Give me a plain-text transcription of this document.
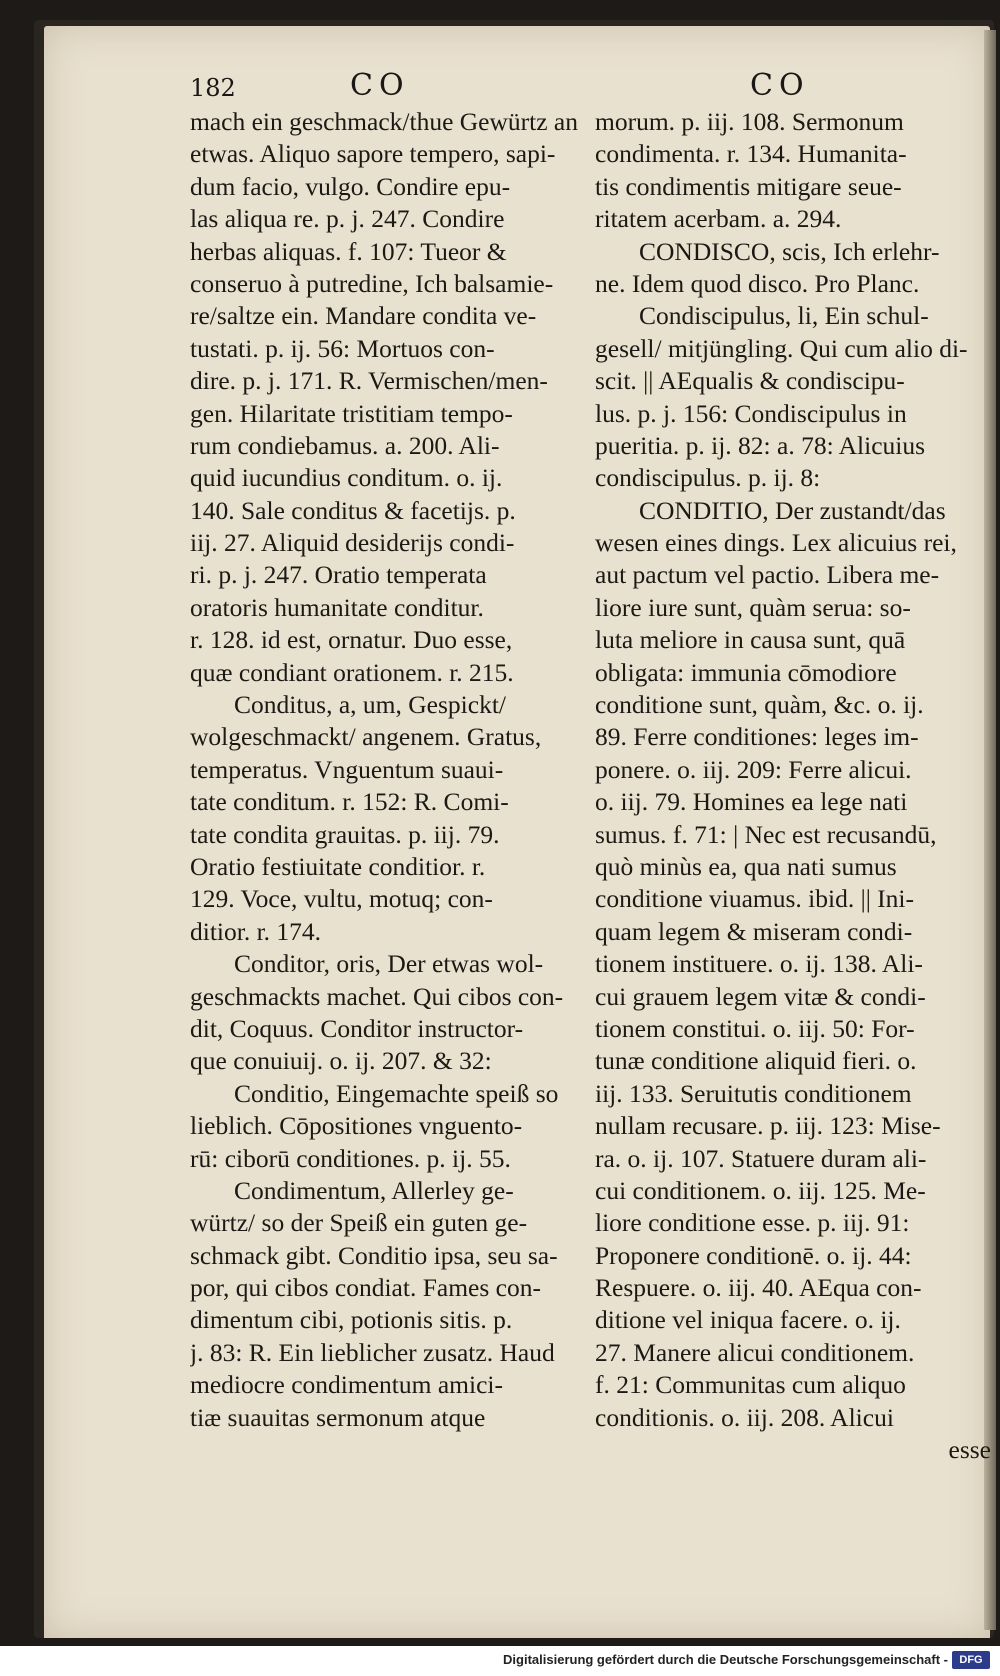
182	CO	CO
mach ein geschmack/thue Gewürtz an
etwas. Aliquo sapore tempero, sapi-
dum facio, vulgo. Condire epu-
las aliqua re. p. j. 247. Condire
herbas aliquas. f. 107: Tueor &
conseruo à putredine, Ich balsamie-
re/saltze ein. Mandare condita ve-
tustati. p. ij. 56: Mortuos con-
dire. p. j. 171. R. Vermischen/men-
gen. Hilaritate tristitiam tempo-
rum condiebamus. a. 200. Ali-
quid iucundius conditum. o. ij.
140. Sale conditus & facetijs. p.
iij. 27. Aliquid desiderijs condi-
ri. p. j. 247. Oratio temperata
oratoris humanitate conditur.
r. 128. id est, ornatur. Duo esse,
quæ condiant orationem. r. 215.
Conditus, a, um, Gespickt/
wolgeschmackt/ angenem. Gratus,
temperatus. Vnguentum suaui-
tate conditum. r. 152: R. Comi-
tate condita grauitas. p. iij. 79.
Oratio festiuitate conditior. r.
129. Voce, vultu, motuq; con-
ditior. r. 174.
Conditor, oris, Der etwas wol-
geschmackts machet. Qui cibos con-
dit, Coquus. Conditor instructor-
que conuiuij. o. ij. 207. & 32:
Conditio, Eingemachte speiß so
lieblich. Cōpositiones vnguento-
rū: ciborū conditiones. p. ij. 55.
Condimentum, Allerley ge-
würtz/ so der Speiß ein guten ge-
schmack gibt. Conditio ipsa, seu sa-
por, qui cibos condiat. Fames con-
dimentum cibi, potionis sitis. p.
j. 83: R. Ein lieblicher zusatz. Haud
mediocre condimentum amici-
tiæ suauitas sermonum atque
morum. p. iij. 108. Sermonum
condimenta. r. 134. Humanita-
tis condimentis mitigare seue-
ritatem acerbam. a. 294.
CONDISCO, scis, Ich erlehr-
ne. Idem quod disco. Pro Planc.
Condiscipulus, li, Ein schul-
gesell/ mitjüngling. Qui cum alio di-
scit. || AEqualis & condiscipu-
lus. p. j. 156: Condiscipulus in
pueritia. p. ij. 82: a. 78: Alicuius
condiscipulus. p. ij. 8:
CONDITIO, Der zustandt/das
wesen eines dings. Lex alicuius rei,
aut pactum vel pactio. Libera me-
liore iure sunt, quàm serua: so-
luta meliore in causa sunt, quā
obligata: immunia cōmodiore
conditione sunt, quàm, &c. o. ij.
89. Ferre conditiones: leges im-
ponere. o. iij. 209: Ferre alicui.
o. iij. 79. Homines ea lege nati
sumus. f. 71: | Nec est recusandū,
quò minùs ea, qua nati sumus
conditione viuamus. ibid. || Ini-
quam legem & miseram condi-
tionem instituere. o. ij. 138. Ali-
cui grauem legem vitæ & condi-
tionem constitui. o. iij. 50: For-
tunæ conditione aliquid fieri. o.
iij. 133. Seruitutis conditionem
nullam recusare. p. iij. 123: Mise-
ra. o. ij. 107. Statuere duram ali-
cui conditionem. o. iij. 125. Me-
liore conditione esse. p. iij. 91:
Proponere conditionē. o. ij. 44:
Respuere. o. iij. 40. AEqua con-
ditione vel iniqua facere. o. ij.
27. Manere alicui conditionem.
f. 21: Communitas cum aliquo
conditionis. o. iij. 208. Alicui
esse
Digitalisierung gefördert durch die Deutsche Forschungsgemeinschaft -	DFG
